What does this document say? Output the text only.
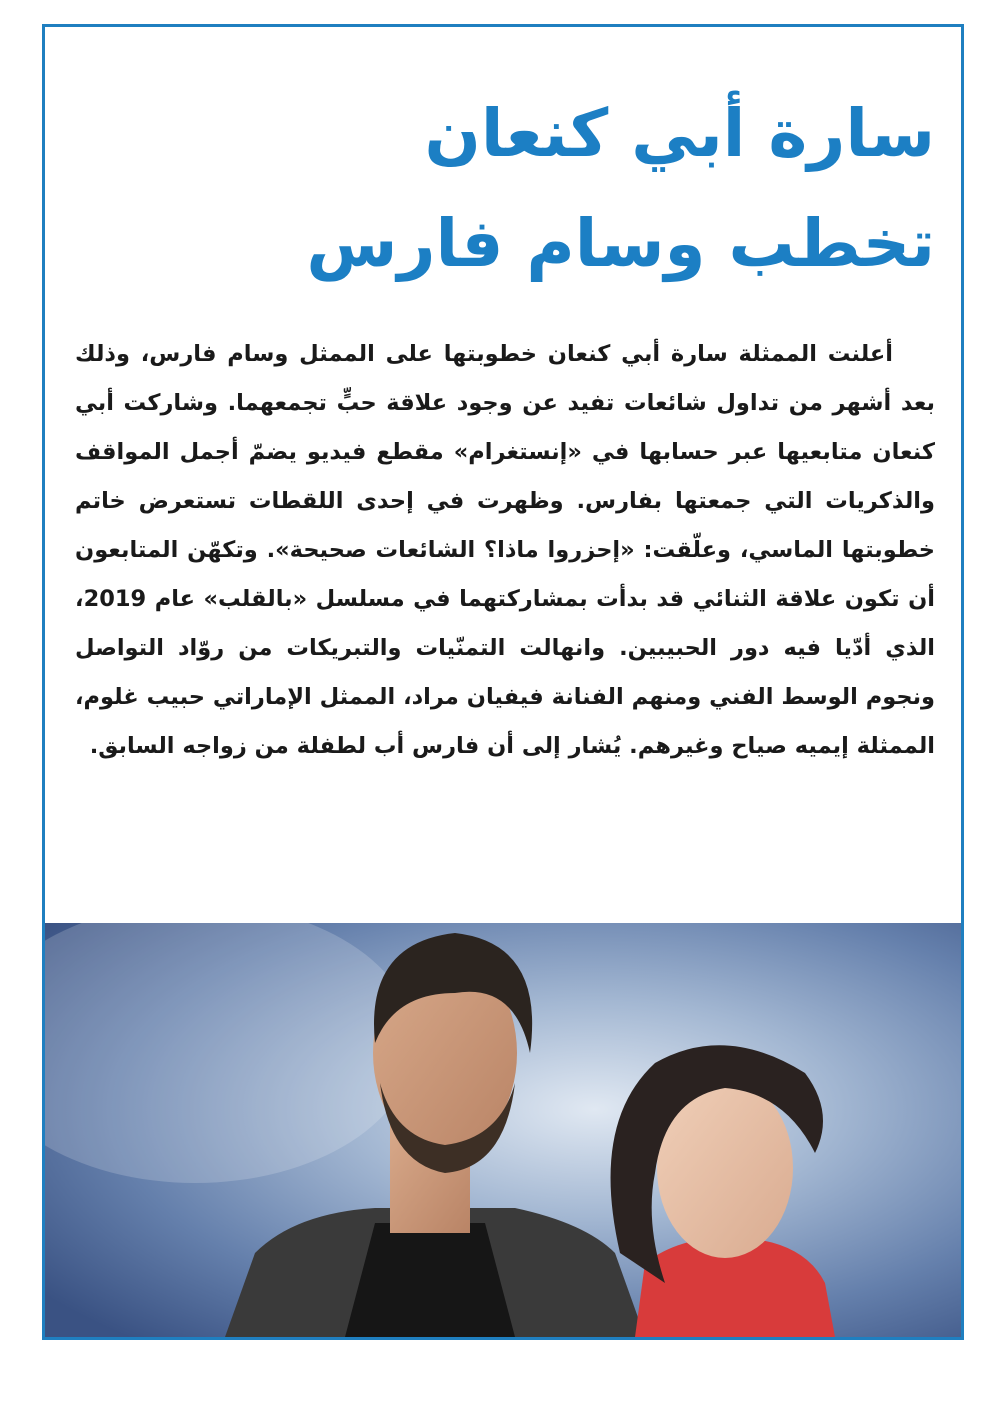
سارة أبي كنعان
تخطب وسام فارس

أعلنت الممثلة سارة أبي كنعان خطوبتها على الممثل وسام فارس، وذلك بعد أشهر من تداول شائعات تفيد عن وجود علاقة حبٍّ تجمعهما. وشاركت أبي كنعان متابعيها عبر حسابها في «إنستغرام» مقطع فيديو يضمّ أجمل المواقف والذكريات التي جمعتها بفارس. وظهرت في إحدى اللقطات تستعرض خاتم خطوبتها الماسي، وعلّقت: «إحزروا ماذا؟ الشائعات صحيحة». وتكهّن المتابعون أن تكون علاقة الثنائي قد بدأت بمشاركتهما في مسلسل «بالقلب» عام 2019، الذي أدّيا فيه دور الحبيبين. وانهالت التمنّيات والتبريكات من روّاد التواصل ونجوم الوسط الفني ومنهم الفنانة فيفيان مراد، الممثل الإماراتي حبيب غلوم، الممثلة إيميه صياح وغيرهم. يُشار إلى أن فارس أب لطفلة من زواجه السابق.
